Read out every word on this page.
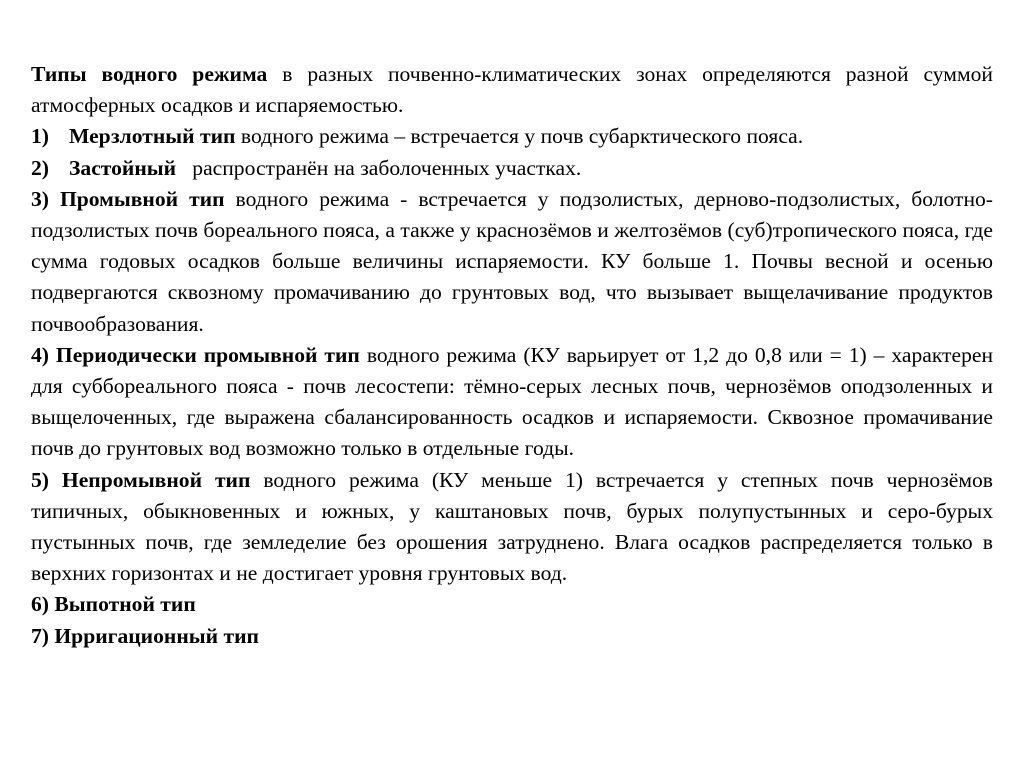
Типы водного режима в разных почвенно-климатических зонах определяются разной суммой атмосферных осадков и испаряемостью.

1) Мерзлотный тип водного режима – встречается у почв субарктического пояса.

2) Застойный   распространён на заболоченных участках.

3) Промывной тип водного режима - встречается у подзолистых, дерново-подзолистых, болотно-подзолистых почв бореального пояса, а также у краснозёмов и желтозёмов (суб)тропического пояса, где сумма годовых осадков больше величины испаряемости. КУ больше 1. Почвы весной и осенью подвергаются сквозному промачиванию до грунтовых вод, что вызывает выщелачивание продуктов почвообразования.

4) Периодически промывной тип водного режима (КУ варьирует от 1,2 до 0,8 или = 1) – характерен для суббореального пояса - почв лесостепи: тёмно-серых лесных почв, чернозёмов оподзоленных и выщелоченных, где выражена сбалансированность осадков и испаряемости. Сквозное промачивание почв до грунтовых вод возможно только в отдельные годы.

5) Непромывной тип водного режима (КУ меньше 1) встречается у степных почв чернозёмов типичных, обыкновенных и южных, у каштановых почв, бурых полупустынных и серо-бурых пустынных почв, где земледелие без орошения затруднено. Влага осадков распределяется только в верхних горизонтах и не достигает уровня грунтовых вод.

6) Выпотной тип

7) Ирригационный тип
